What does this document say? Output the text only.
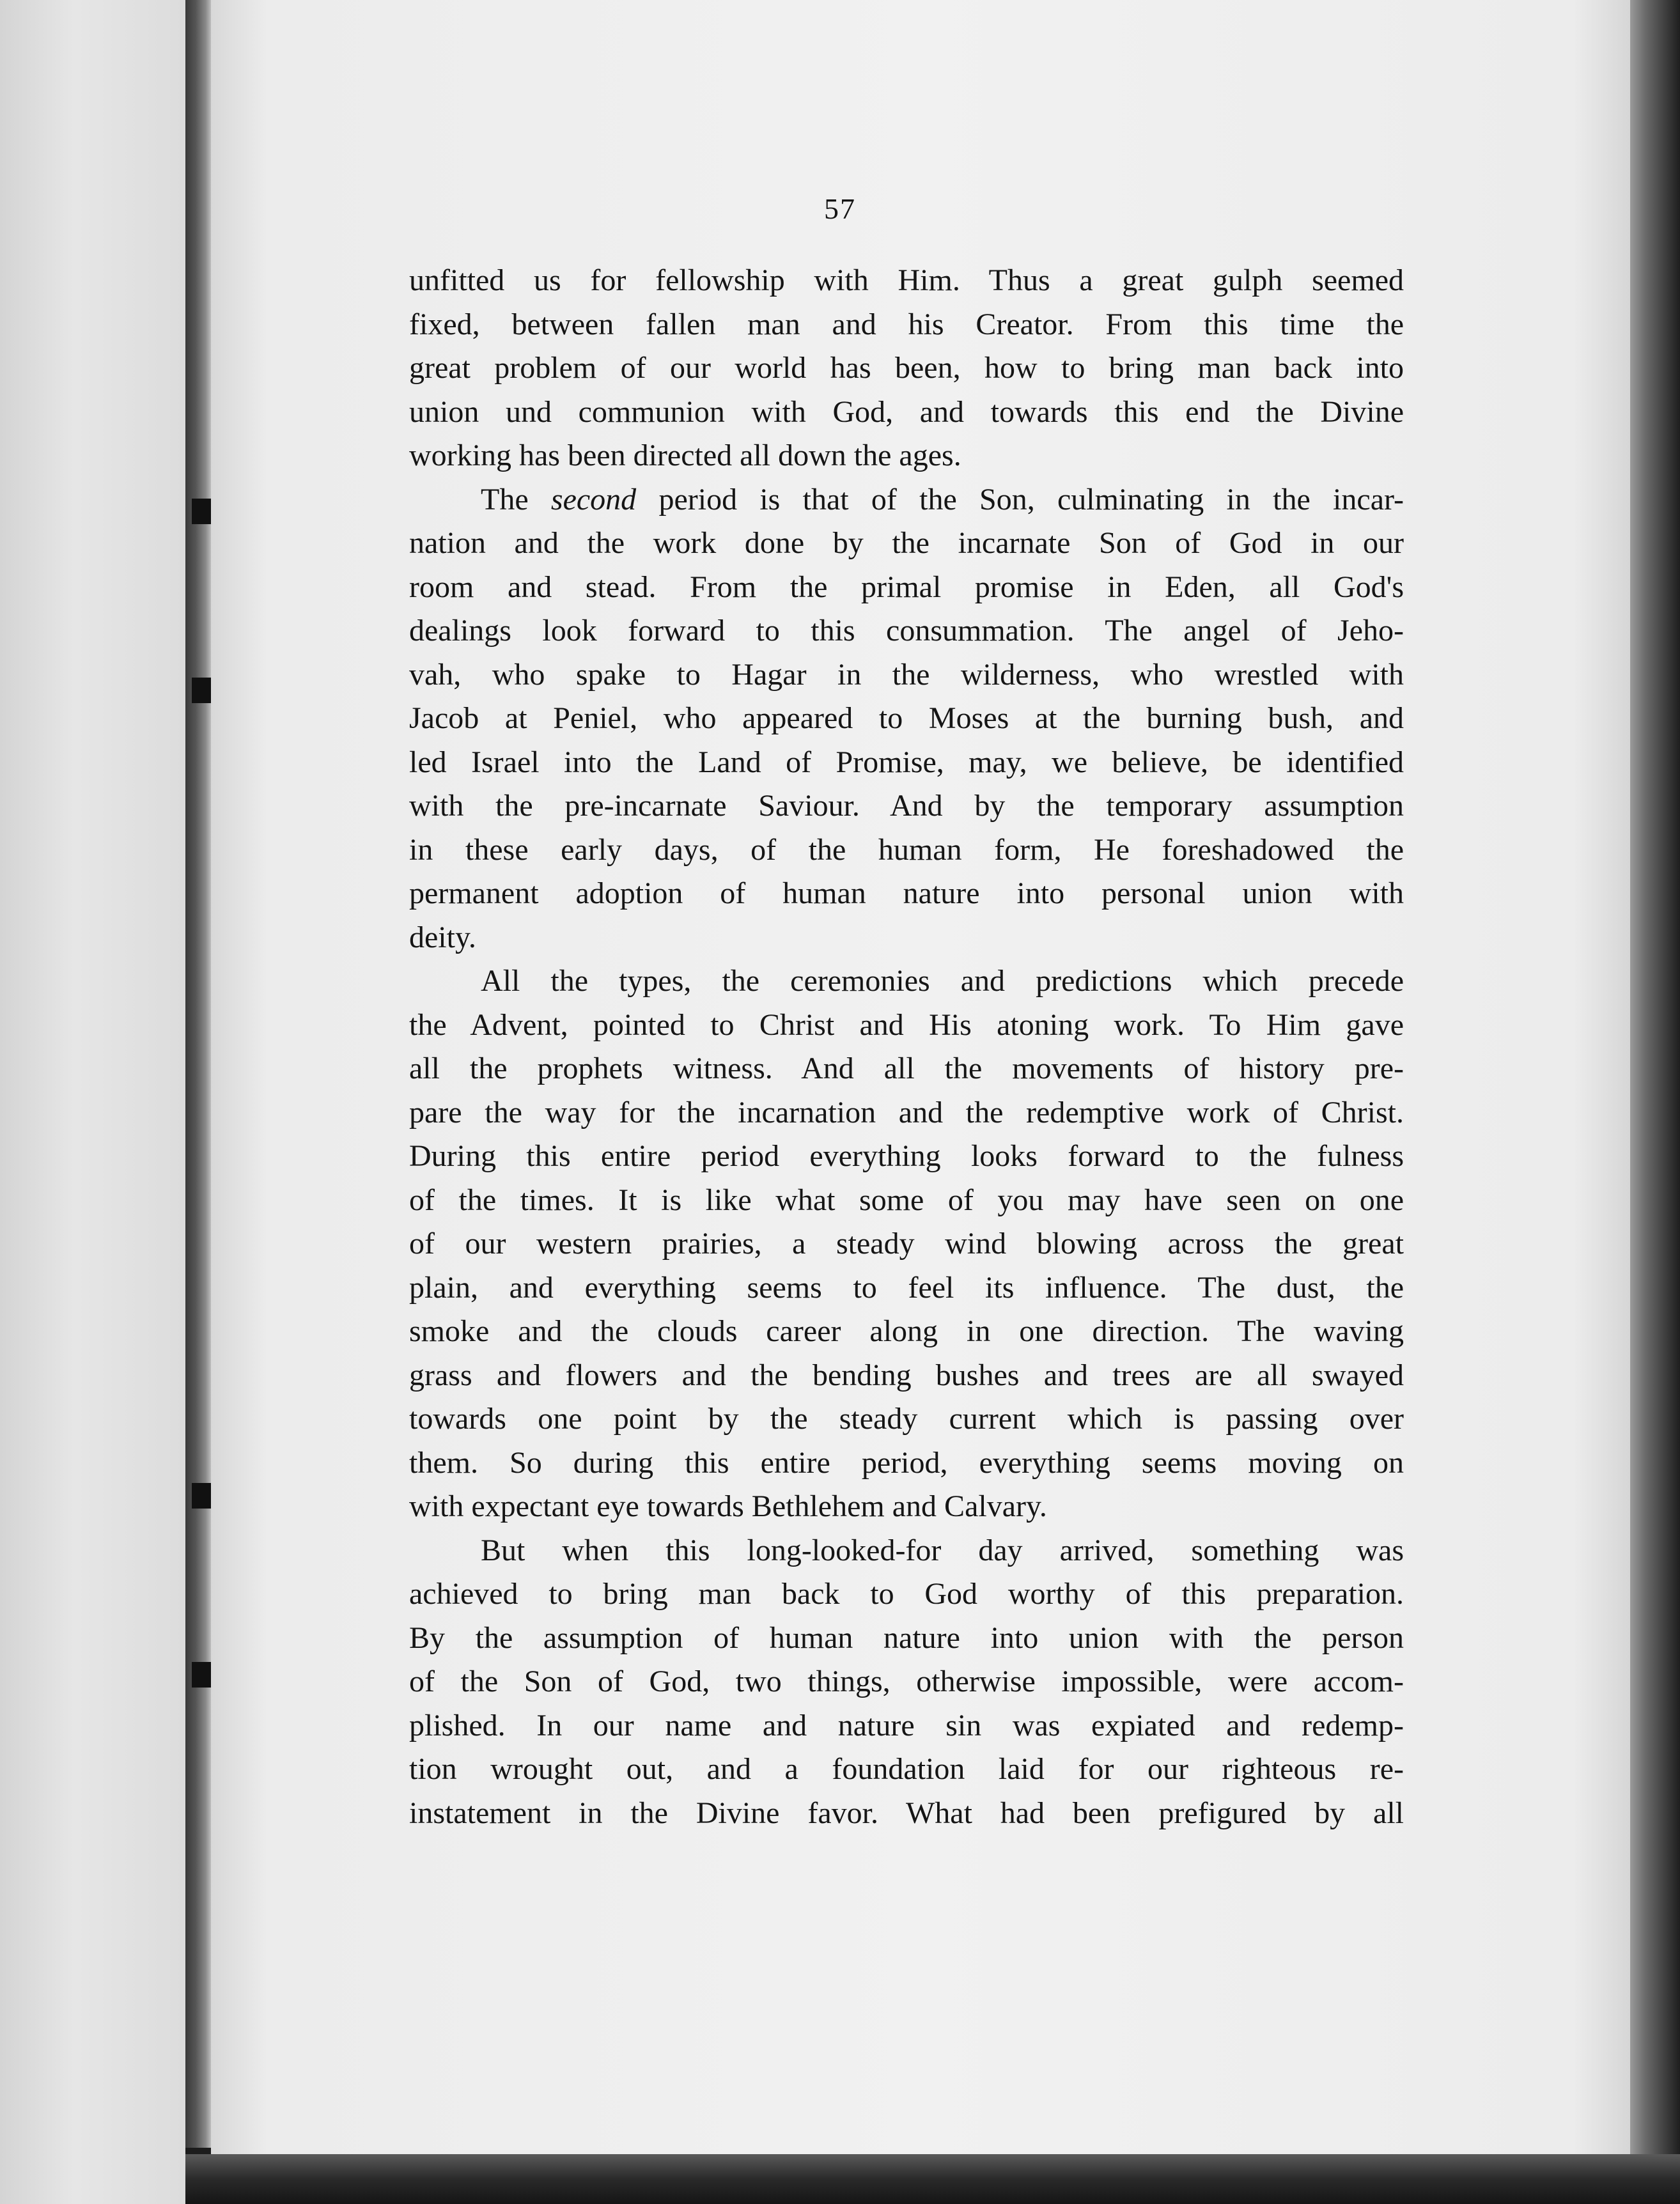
57
unfitted us for fellowship with Him. Thus a great gulph seemed
fixed, between fallen man and his Creator. From this time the
great problem of our world has been, how to bring man back into
union und communion with God, and towards this end the Divine
working has been directed all down the ages.
The second period is that of the Son, culminating in the incar-
nation and the work done by the incarnate Son of God in our
room and stead. From the primal promise in Eden, all God's
dealings look forward to this consummation. The angel of Jeho-
vah, who spake to Hagar in the wilderness, who wrestled with
Jacob at Peniel, who appeared to Moses at the burning bush, and
led Israel into the Land of Promise, may, we believe, be identified
with the pre-incarnate Saviour. And by the temporary assumption
in these early days, of the human form, He foreshadowed the
permanent adoption of human nature into personal union with
deity.
All the types, the ceremonies and predictions which precede
the Advent, pointed to Christ and His atoning work. To Him gave
all the prophets witness. And all the movements of history pre-
pare the way for the incarnation and the redemptive work of Christ.
During this entire period everything looks forward to the fulness
of the times. It is like what some of you may have seen on one
of our western prairies, a steady wind blowing across the great
plain, and everything seems to feel its influence. The dust, the
smoke and the clouds career along in one direction. The waving
grass and flowers and the bending bushes and trees are all swayed
towards one point by the steady current which is passing over
them. So during this entire period, everything seems moving on
with expectant eye towards Bethlehem and Calvary.
But when this long-looked-for day arrived, something was
achieved to bring man back to God worthy of this preparation.
By the assumption of human nature into union with the person
of the Son of God, two things, otherwise impossible, were accom-
plished. In our name and nature sin was expiated and redemp-
tion wrought out, and a foundation laid for our righteous re-
instatement in the Divine favor. What had been prefigured by all
